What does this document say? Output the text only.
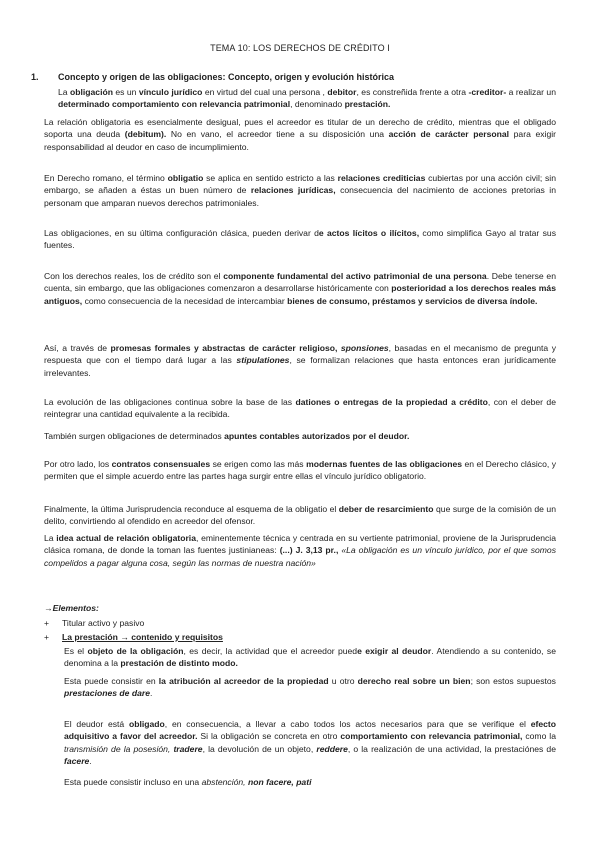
TEMA 10: LOS DERECHOS DE CRÉDITO I
1. Concepto y origen de las obligaciones: Concepto, origen y evolución histórica

La obligación es un vínculo jurídico en virtud del cual una persona , debitor, es constreñida frente a otra -creditor- a realizar un determinado comportamiento con relevancia patrimonial, denominado prestación.

La relación obligatoria es esencialmente desigual, pues el acreedor es titular de un derecho de crédito, mientras que el obligado soporta una deuda (debitum). No en vano, el acreedor tiene a su disposición una acción de carácter personal para exigir responsabilidad al deudor en caso de incumplimiento.

En Derecho romano, el término obligatio se aplica en sentido estricto a las relaciones crediticias cubiertas por una acción civil; sin embargo, se añaden a éstas un buen número de relaciones jurídicas, consecuencia del nacimiento de acciones pretorias in personam que amparan nuevos derechos patrimoniales.

Las obligaciones, en su última configuración clásica, pueden derivar de actos lícitos o ilícitos, como simplifica Gayo al tratar sus fuentes.

Con los derechos reales, los de crédito son el componente fundamental del activo patrimonial de una persona. Debe tenerse en cuenta, sin embargo, que las obligaciones comenzaron a desarrollarse históricamente con posterioridad a los derechos reales más antiguos, como consecuencia de la necesidad de intercambiar bienes de consumo, préstamos y servicios de diversa índole.

Así, a través de promesas formales y abstractas de carácter religioso, sponsiones, basadas en el mecanismo de pregunta y respuesta que con el tiempo dará lugar a las stipulationes, se formalizan relaciones que hasta entonces eran jurídicamente irrelevantes.

La evolución de las obligaciones continua sobre la base de las dationes o entregas de la propiedad a crédito, con el deber de reintegrar una cantidad equivalente a la recibida.

También surgen obligaciones de determinados apuntes contables autorizados por el deudor.

Por otro lado, los contratos consensuales se erigen como las más modernas fuentes de las obligaciones en el Derecho clásico, y permiten que el simple acuerdo entre las partes haga surgir entre ellas el vínculo jurídico obligatorio.

Finalmente, la última Jurisprudencia reconduce al esquema de la obligatio el deber de resarcimiento que surge de la comisión de un delito, convirtiendo al ofendido en acreedor del ofensor.

La idea actual de relación obligatoria, eminentemente técnica y centrada en su vertiente patrimonial, proviene de la Jurisprudencia clásica romana, de donde la toman las fuentes justinianeas: (...) J. 3,13 pr., «La obligación es un vínculo jurídico, por el que somos compelidos a pagar alguna cosa, según las normas de nuestra nación»

→Elementos:
+ Titular activo y pasivo
+ La prestación → contenido y requisitos
Es el objeto de la obligación, es decir, la actividad que el acreedor puede exigir al deudor. Atendiendo a su contenido, se denomina a la prestación de distinto modo.
Esta puede consistir en la atribución al acreedor de la propiedad u otro derecho real sobre un bien; son estos supuestos prestaciones de dare.
El deudor está obligado, en consecuencia, a llevar a cabo todos los actos necesarios para que se verifique el efecto adquisitivo a favor del acreedor. Si la obligación se concreta en otro comportamiento con relevancia patrimonial, como la transmisión de la posesión, tradere, la devolución de un objeto, reddere, o la realización de una actividad, la prestaciónes de facere.
Esta puede consistir incluso en una abstención, non facere, pati
